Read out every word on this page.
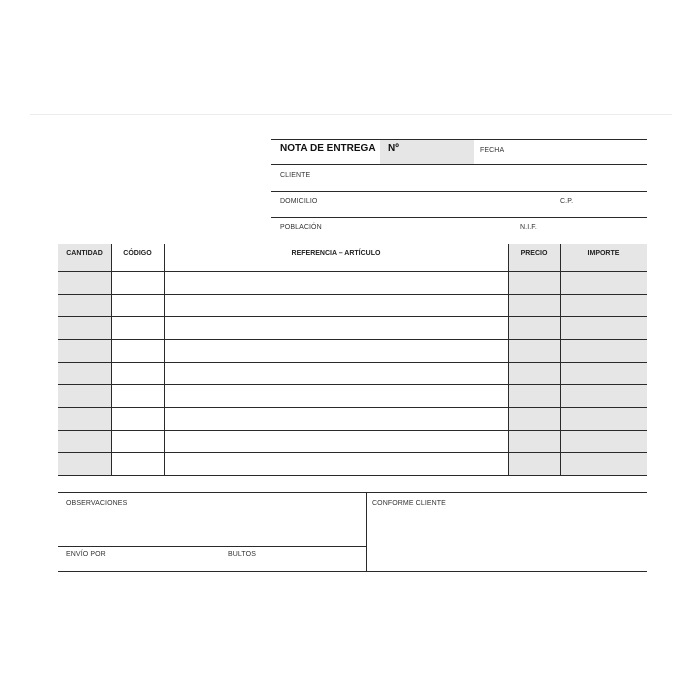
NOTA DE ENTREGA Nº	FECHA
CLIENTE
DOMICILIO	C.P.
POBLACIÓN	N.I.F.
CANTIDAD	CÓDIGO	REFERENCIA – ARTÍCULO	PRECIO	IMPORTE
OBSERVACIONES	CONFORME CLIENTE
ENVÍO POR	BULTOS
